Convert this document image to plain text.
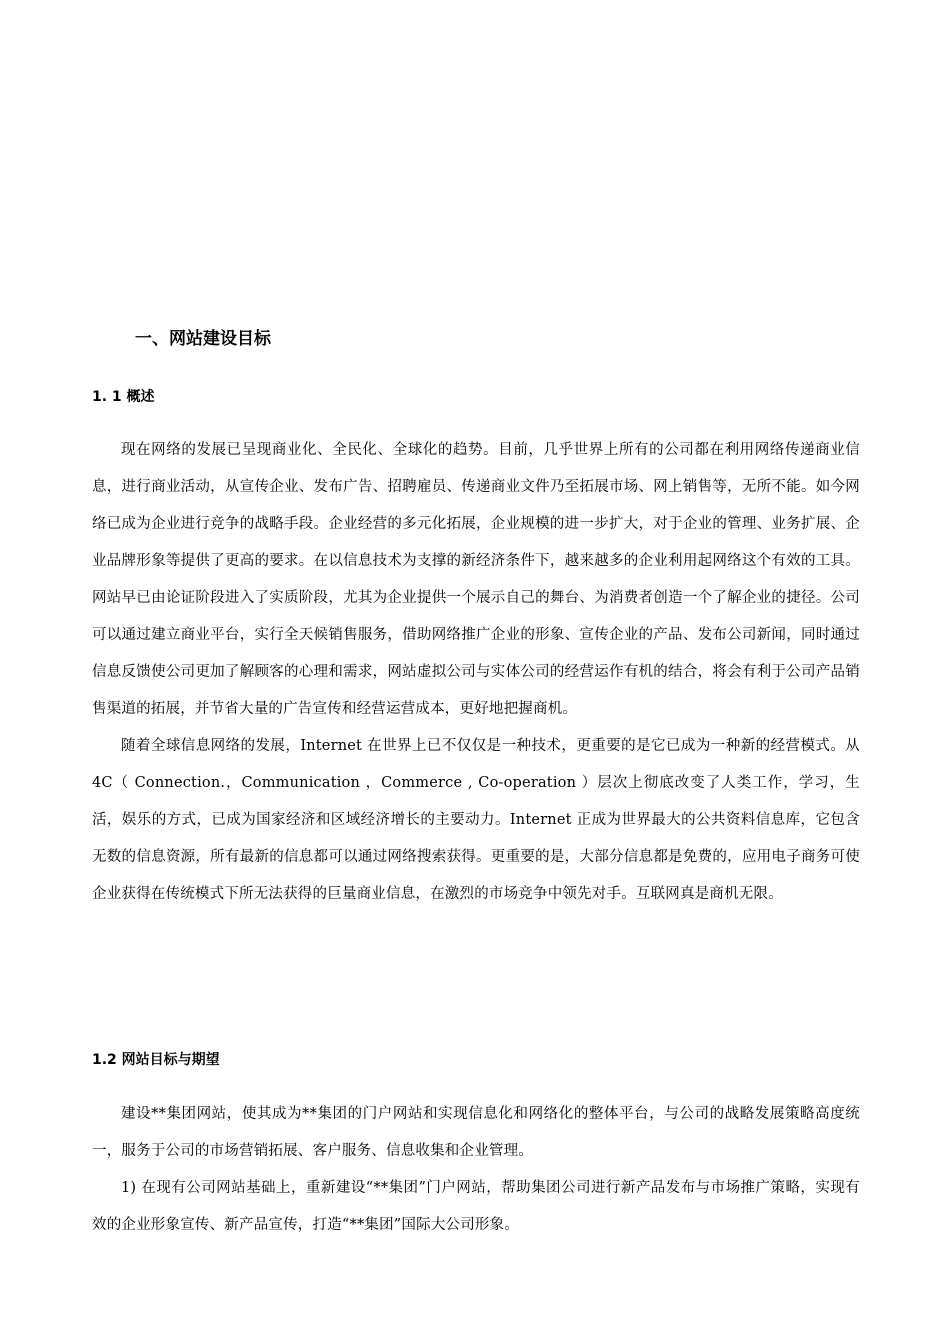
一、网站建设目标
1. 1 概述

现在网络的发展已呈现商业化、全民化、全球化的趋势。目前，几乎世界上所有的公司都在利用网络传递商业信息，进行商业活动，从宣传企业、发布广告、招聘雇员、传递商业文件乃至拓展市场、网上销售等，无所不能。如今网络已成为企业进行竞争的战略手段。企业经营的多元化拓展，企业规模的进一步扩大，对于企业的管理、业务扩展、企业品牌形象等提供了更高的要求。在以信息技术为支撑的新经济条件下，越来越多的企业利用起网络这个有效的工具。网站早已由论证阶段进入了实质阶段，尤其为企业提供一个展示自己的舞台、为消费者创造一个了解企业的捷径。公司可以通过建立商业平台，实行全天候销售服务，借助网络推广企业的形象、宣传企业的产品、发布公司新闻，同时通过信息反馈使公司更加了解顾客的心理和需求，网站虚拟公司与实体公司的经营运作有机的结合，将会有利于公司产品销售渠道的拓展，并节省大量的广告宣传和经营运营成本，更好地把握商机。

随着全球信息网络的发展，Internet 在世界上已不仅仅是一种技术，更重要的是它已成为一种新的经营模式。从 4C（ Connection.，Communication ，Commerce , Co-operation ）层次上彻底改变了人类工作，学习，生活，娱乐的方式，已成为国家经济和区域经济增长的主要动力。Internet 正成为世界最大的公共资料信息库，它包含无数的信息资源，所有最新的信息都可以通过网络搜索获得。更重要的是，大部分信息都是免费的，应用电子商务可使企业获得在传统模式下所无法获得的巨量商业信息，在激烈的市场竞争中领先对手。互联网真是商机无限。

1.2 网站目标与期望

建设**集团网站，使其成为**集团的门户网站和实现信息化和网络化的整体平台，与公司的战略发展策略高度统一，服务于公司的市场营销拓展、客户服务、信息收集和企业管理。

1) 在现有公司网站基础上，重新建设“**集团”门户网站，帮助集团公司进行新产品发布与市场推广策略，实现有效的企业形象宣传、新产品宣传，打造“**集团”国际大公司形象。
